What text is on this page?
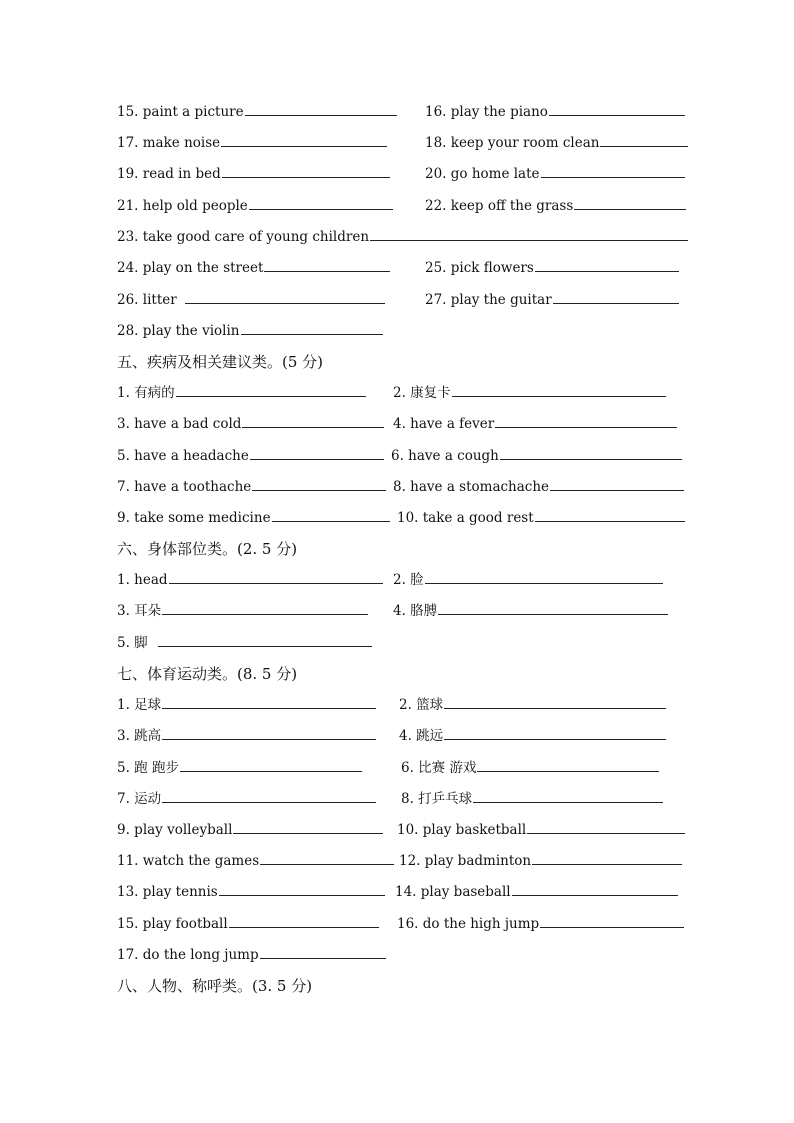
15. paint a picture	16. play the piano
17. make noise	18. keep your room clean
19. read in bed	20. go home late
21. help old people	22. keep off the grass
23. take good care of young children
24. play on the street	25. pick flowers
26. litter	27. play the guitar
28. play the violin
五、疾病及相关建议类。(5 分)
1. 有病的	2. 康复卡
3. have a bad cold	4. have a fever
5. have a headache	6. have a cough
7. have a toothache	8. have a stomachache
9. take some medicine	10. take a good rest
六、身体部位类。(2. 5 分)
1. head	2. 脸
3. 耳朵	4. 胳膊
5. 脚
七、体育运动类。(8. 5 分)
1. 足球	2. 篮球
3. 跳高	4. 跳远
5. 跑 跑步	6. 比赛 游戏
7. 运动	8. 打乒乓球
9. play volleyball	10. play basketball
11. watch the games	12. play badminton
13. play tennis	14. play baseball
15. play football	16. do the high jump
17. do the long jump
八、人物、称呼类。(3. 5 分)
